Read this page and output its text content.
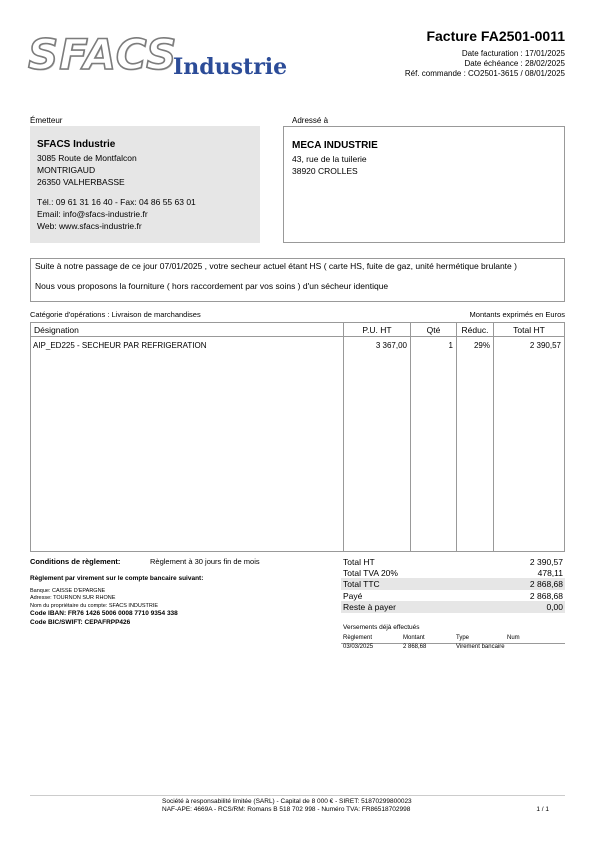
SFACS
Industrie
Facture FA2501-0011
Date facturation : 17/01/2025
Date échéance : 28/02/2025
Réf. commande : CO2501-3615 / 08/01/2025
Émetteur
SFACS Industrie
3085 Route de Montfalcon
MONTRIGAUD
26350 VALHERBASSE
Tél.: 09 61 31 16 40 - Fax: 04 86 55 63 01
Email: info@sfacs-industrie.fr
Web: www.sfacs-industrie.fr
Adressé à
MECA INDUSTRIE
43, rue de la tuilerie
38920 CROLLES
Suite à notre passage de ce jour 07/01/2025 , votre secheur actuel étant HS ( carte HS, fuite de gaz, unité hermétique brulante )
Nous vous proposons la fourniture ( hors raccordement par vos soins ) d'un sécheur identique
Catégorie d'opérations : Livraison de marchandises	Montants exprimés en Euros
Désignation	P.U. HT	Qté	Réduc.	Total HT
AIP_ED225 - SECHEUR PAR REFRIGERATION	3 367,00	1	29%	2 390,57
Conditions de règlement:	Règlement à 30 jours fin de mois
Règlement par virement sur le compte bancaire suivant:
Banque: CAISSE D'EPARGNE
Adresse: TOURNON SUR RHONE
Nom du propriétaire du compte: SFACS INDUSTRIE
Code IBAN: FR76 1426 5006 0008 7710 9354 338
Code BIC/SWIFT: CEPAFRPP426
Total HT	2 390,57
Total TVA 20%	478,11
Total TTC	2 868,68
Payé	2 868,68
Reste à payer	0,00
Versements déjà effectués
Règlement	Montant	Type	Num
03/03/2025	2 868,68	Virement bancaire
Société à responsabilité limitée (SARL) - Capital de 8 000 € - SIRET: 51870299800023
NAF-APE: 4669A - RCS/RM: Romans B 518 702 998 - Numéro TVA: FR86518702998	1 / 1
